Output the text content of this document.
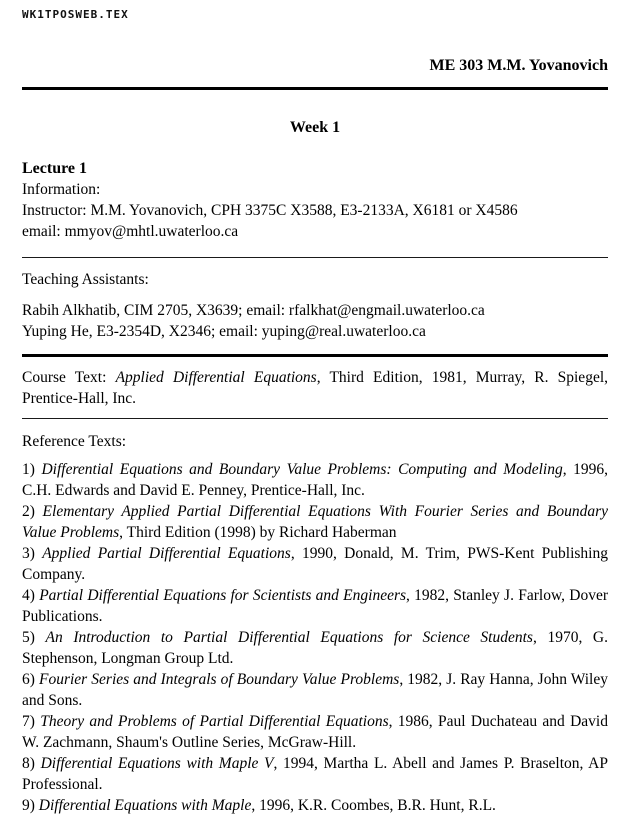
WK1TPOSWEB.TEX
ME 303 M.M. Yovanovich
Week 1
Lecture 1
Information:
Instructor: M.M. Yovanovich, CPH 3375C X3588, E3-2133A, X6181 or X4586
email: mmyov@mhtl.uwaterloo.ca
Teaching Assistants:
Rabih Alkhatib, CIM 2705, X3639; email: rfalkhat@engmail.uwaterloo.ca
Yuping He, E3-2354D, X2346; email: yuping@real.uwaterloo.ca

Course Text: Applied Differential Equations, Third Edition, 1981, Murray, R. Spiegel, Prentice-Hall, Inc.

Reference Texts:

1) Differential Equations and Boundary Value Problems: Computing and Modeling, 1996, C.H. Edwards and David E. Penney, Prentice-Hall, Inc.

2) Elementary Applied Partial Differential Equations With Fourier Series and Boundary Value Problems, Third Edition (1998) by Richard Haberman

3) Applied Partial Differential Equations, 1990, Donald, M. Trim, PWS-Kent Publishing Company.

4) Partial Differential Equations for Scientists and Engineers, 1982, Stanley J. Farlow, Dover Publications.

5) An Introduction to Partial Differential Equations for Science Students, 1970, G. Stephenson, Longman Group Ltd.

6) Fourier Series and Integrals of Boundary Value Problems, 1982, J. Ray Hanna, John Wiley and Sons.

7) Theory and Problems of Partial Differential Equations, 1986, Paul Duchateau and David W. Zachmann, Shaum's Outline Series, McGraw-Hill.

8) Differential Equations with Maple V, 1994, Martha L. Abell and James P. Braselton, AP Professional.

9) Differential Equations with Maple, 1996, K.R. Coombes, B.R. Hunt, R.L.
